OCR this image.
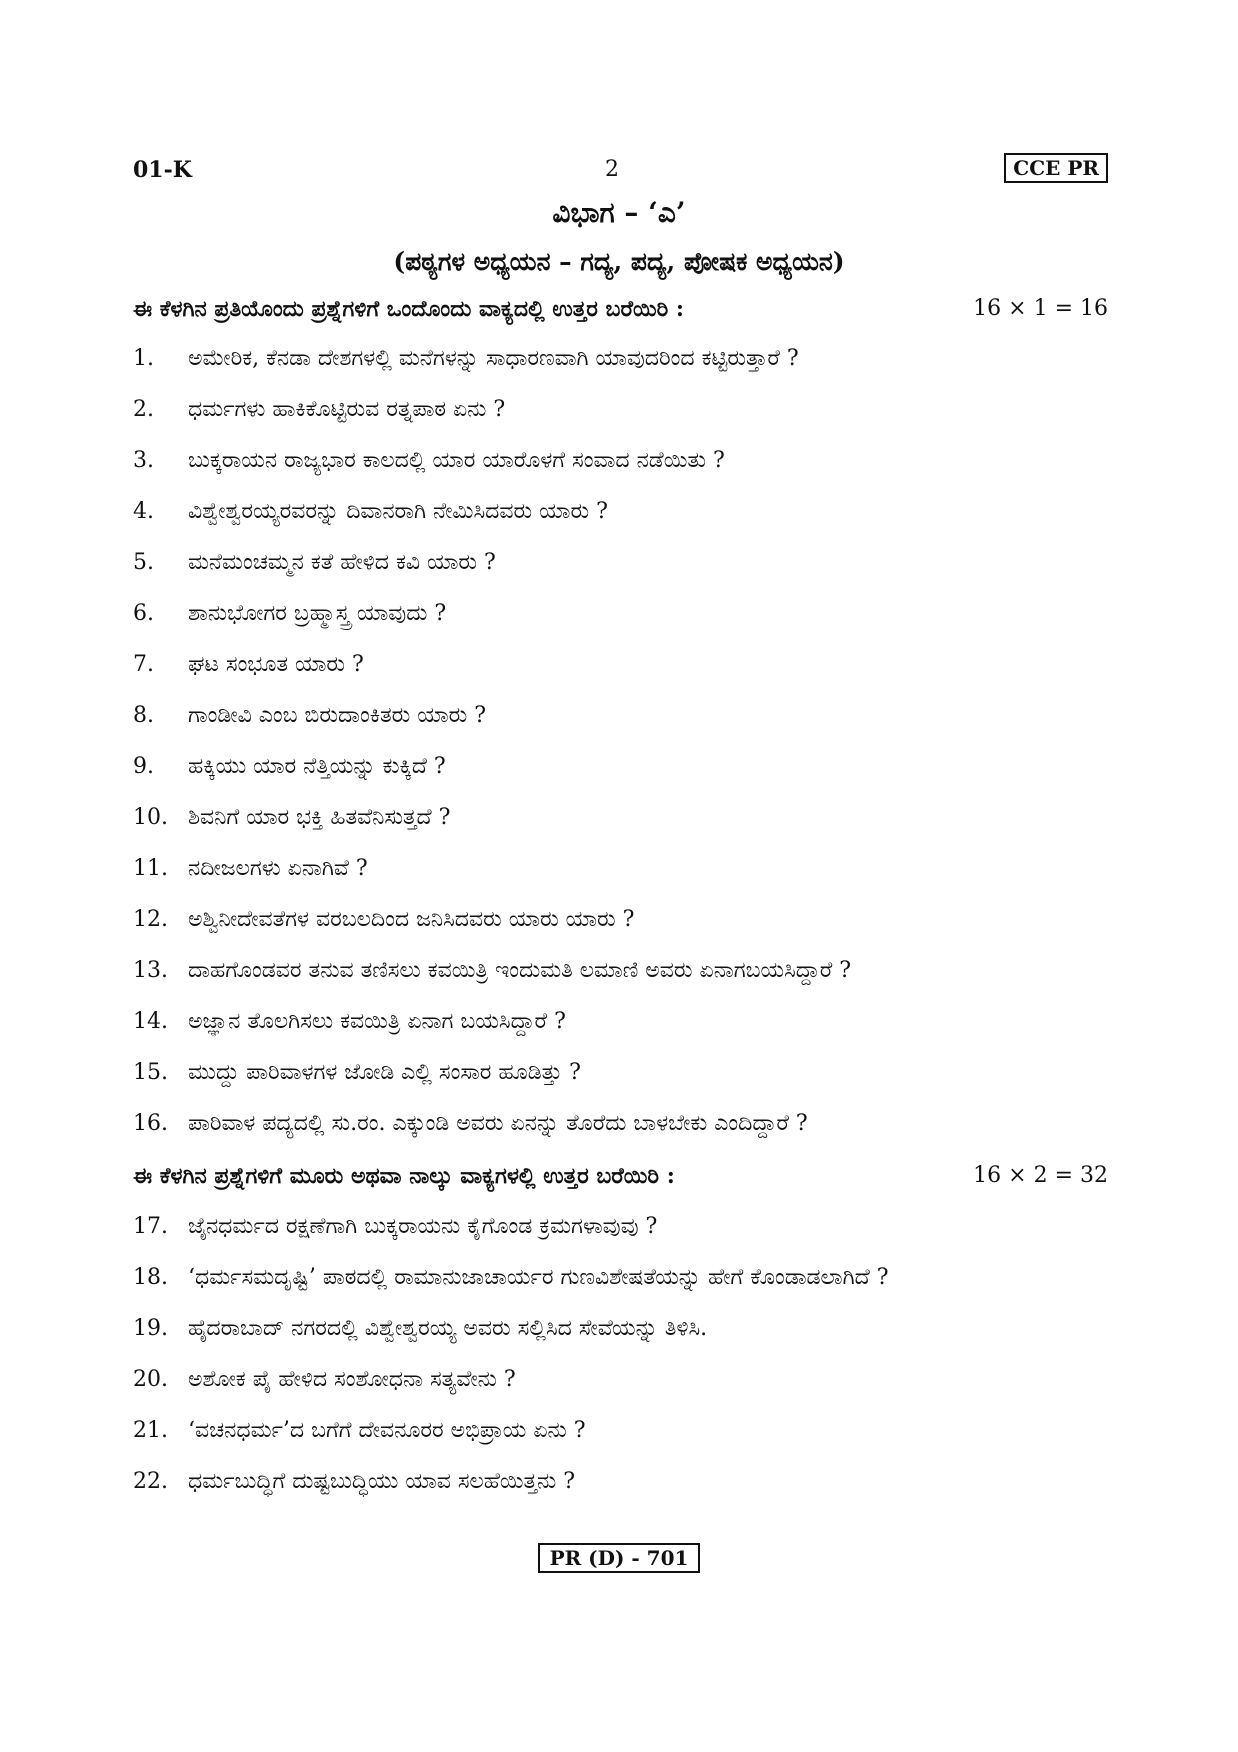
01-K	2	CCE PR
ವಿಭಾಗ – ‘ಎ’
(ಪಠ್ಯಗಳ ಅಧ್ಯಯನ – ಗದ್ಯ, ಪದ್ಯ, ಪೋಷಕ ಅಧ್ಯಯನ)
ಈ ಕೆಳಗಿನ ಪ್ರತಿಯೊಂದು ಪ್ರಶ್ನೆಗಳಿಗೆ ಒಂದೊಂದು ವಾಕ್ಯದಲ್ಲಿ ಉತ್ತರ ಬರೆಯಿರಿ :	16 × 1 = 16
1. ಅಮೇರಿಕ, ಕೆನಡಾ ದೇಶಗಳಲ್ಲಿ ಮನೆಗಳನ್ನು ಸಾಧಾರಣವಾಗಿ ಯಾವುದರಿಂದ ಕಟ್ಟಿರುತ್ತಾರೆ ?
2. ಧರ್ಮಗಳು ಹಾಕಿಕೊಟ್ಟಿರುವ ರತ್ನಪಾಠ ಏನು ?
3. ಬುಕ್ಕರಾಯನ ರಾಜ್ಯಭಾರ ಕಾಲದಲ್ಲಿ ಯಾರ ಯಾರೊಳಗೆ ಸಂವಾದ ನಡೆಯಿತು ?
4. ವಿಶ್ವೇಶ್ವರಯ್ಯರವರನ್ನು ದಿವಾನರಾಗಿ ನೇಮಿಸಿದವರು ಯಾರು ?
5. ಮನೆಮಂಚಮ್ಮನ ಕತೆ ಹೇಳಿದ ಕವಿ ಯಾರು ?
6. ಶಾನುಭೋಗರ ಬ್ರಹ್ಮಾಸ್ತ್ರ ಯಾವುದು ?
7. ಘಟ ಸಂಭೂತ ಯಾರು ?
8. ಗಾಂಡೀವಿ ಎಂಬ ಬಿರುದಾಂಕಿತರು ಯಾರು ?
9. ಹಕ್ಕಿಯು ಯಾರ ನೆತ್ತಿಯನ್ನು ಕುಕ್ಕಿದೆ ?
10. ಶಿವನಿಗೆ ಯಾರ ಭಕ್ತಿ ಹಿತವೆನಿಸುತ್ತದೆ ?
11. ನದೀಜಲಗಳು ಏನಾಗಿವೆ ?
12. ಅಶ್ವಿನೀದೇವತೆಗಳ ವರಬಲದಿಂದ ಜನಿಸಿದವರು ಯಾರು ಯಾರು ?
13. ದಾಹಗೊಂಡವರ ತನುವ ತಣಿಸಲು ಕವಯಿತ್ರಿ ಇಂದುಮತಿ ಲಮಾಣಿ ಅವರು ಏನಾಗಬಯಸಿದ್ದಾರೆ ?
14. ಅಜ್ಞಾನ ತೊಲಗಿಸಲು ಕವಯಿತ್ರಿ ಏನಾಗ ಬಯಸಿದ್ದಾರೆ ?
15. ಮುದ್ದು ಪಾರಿವಾಳಗಳ ಜೋಡಿ ಎಲ್ಲಿ ಸಂಸಾರ ಹೂಡಿತ್ತು ?
16. ಪಾರಿವಾಳ ಪದ್ಯದಲ್ಲಿ ಸು.ರಂ. ಎಕ್ಕುಂಡಿ ಅವರು ಏನನ್ನು ತೊರೆದು ಬಾಳಬೇಕು ಎಂದಿದ್ದಾರೆ ?
ಈ ಕೆಳಗಿನ ಪ್ರಶ್ನೆಗಳಿಗೆ ಮೂರು ಅಥವಾ ನಾಲ್ಕು ವಾಕ್ಯಗಳಲ್ಲಿ ಉತ್ತರ ಬರೆಯಿರಿ :	16 × 2 = 32
17. ಜೈನಧರ್ಮದ ರಕ್ಷಣೆಗಾಗಿ ಬುಕ್ಕರಾಯನು ಕೈಗೊಂಡ ಕ್ರಮಗಳಾವುವು ?
18. ‘ಧರ್ಮಸಮದೃಷ್ಟಿ’ ಪಾಠದಲ್ಲಿ ರಾಮಾನುಜಾಚಾರ್ಯರ ಗುಣವಿಶೇಷತೆಯನ್ನು ಹೇಗೆ ಕೊಂಡಾಡಲಾಗಿದೆ ?
19. ಹೈದರಾಬಾದ್ ನಗರದಲ್ಲಿ ವಿಶ್ವೇಶ್ವರಯ್ಯ ಅವರು ಸಲ್ಲಿಸಿದ ಸೇವೆಯನ್ನು ತಿಳಿಸಿ.
20. ಅಶೋಕ ಪೈ ಹೇಳಿದ ಸಂಶೋಧನಾ ಸತ್ಯವೇನು ?
21. ‘ವಚನಧರ್ಮ’ದ ಬಗೆಗೆ ದೇವನೂರರ ಅಭಿಪ್ರಾಯ ಏನು ?
22. ಧರ್ಮಬುದ್ಧಿಗೆ ದುಷ್ಟಬುದ್ಧಿಯು ಯಾವ ಸಲಹೆಯಿತ್ತನು ?
PR (D) - 701
